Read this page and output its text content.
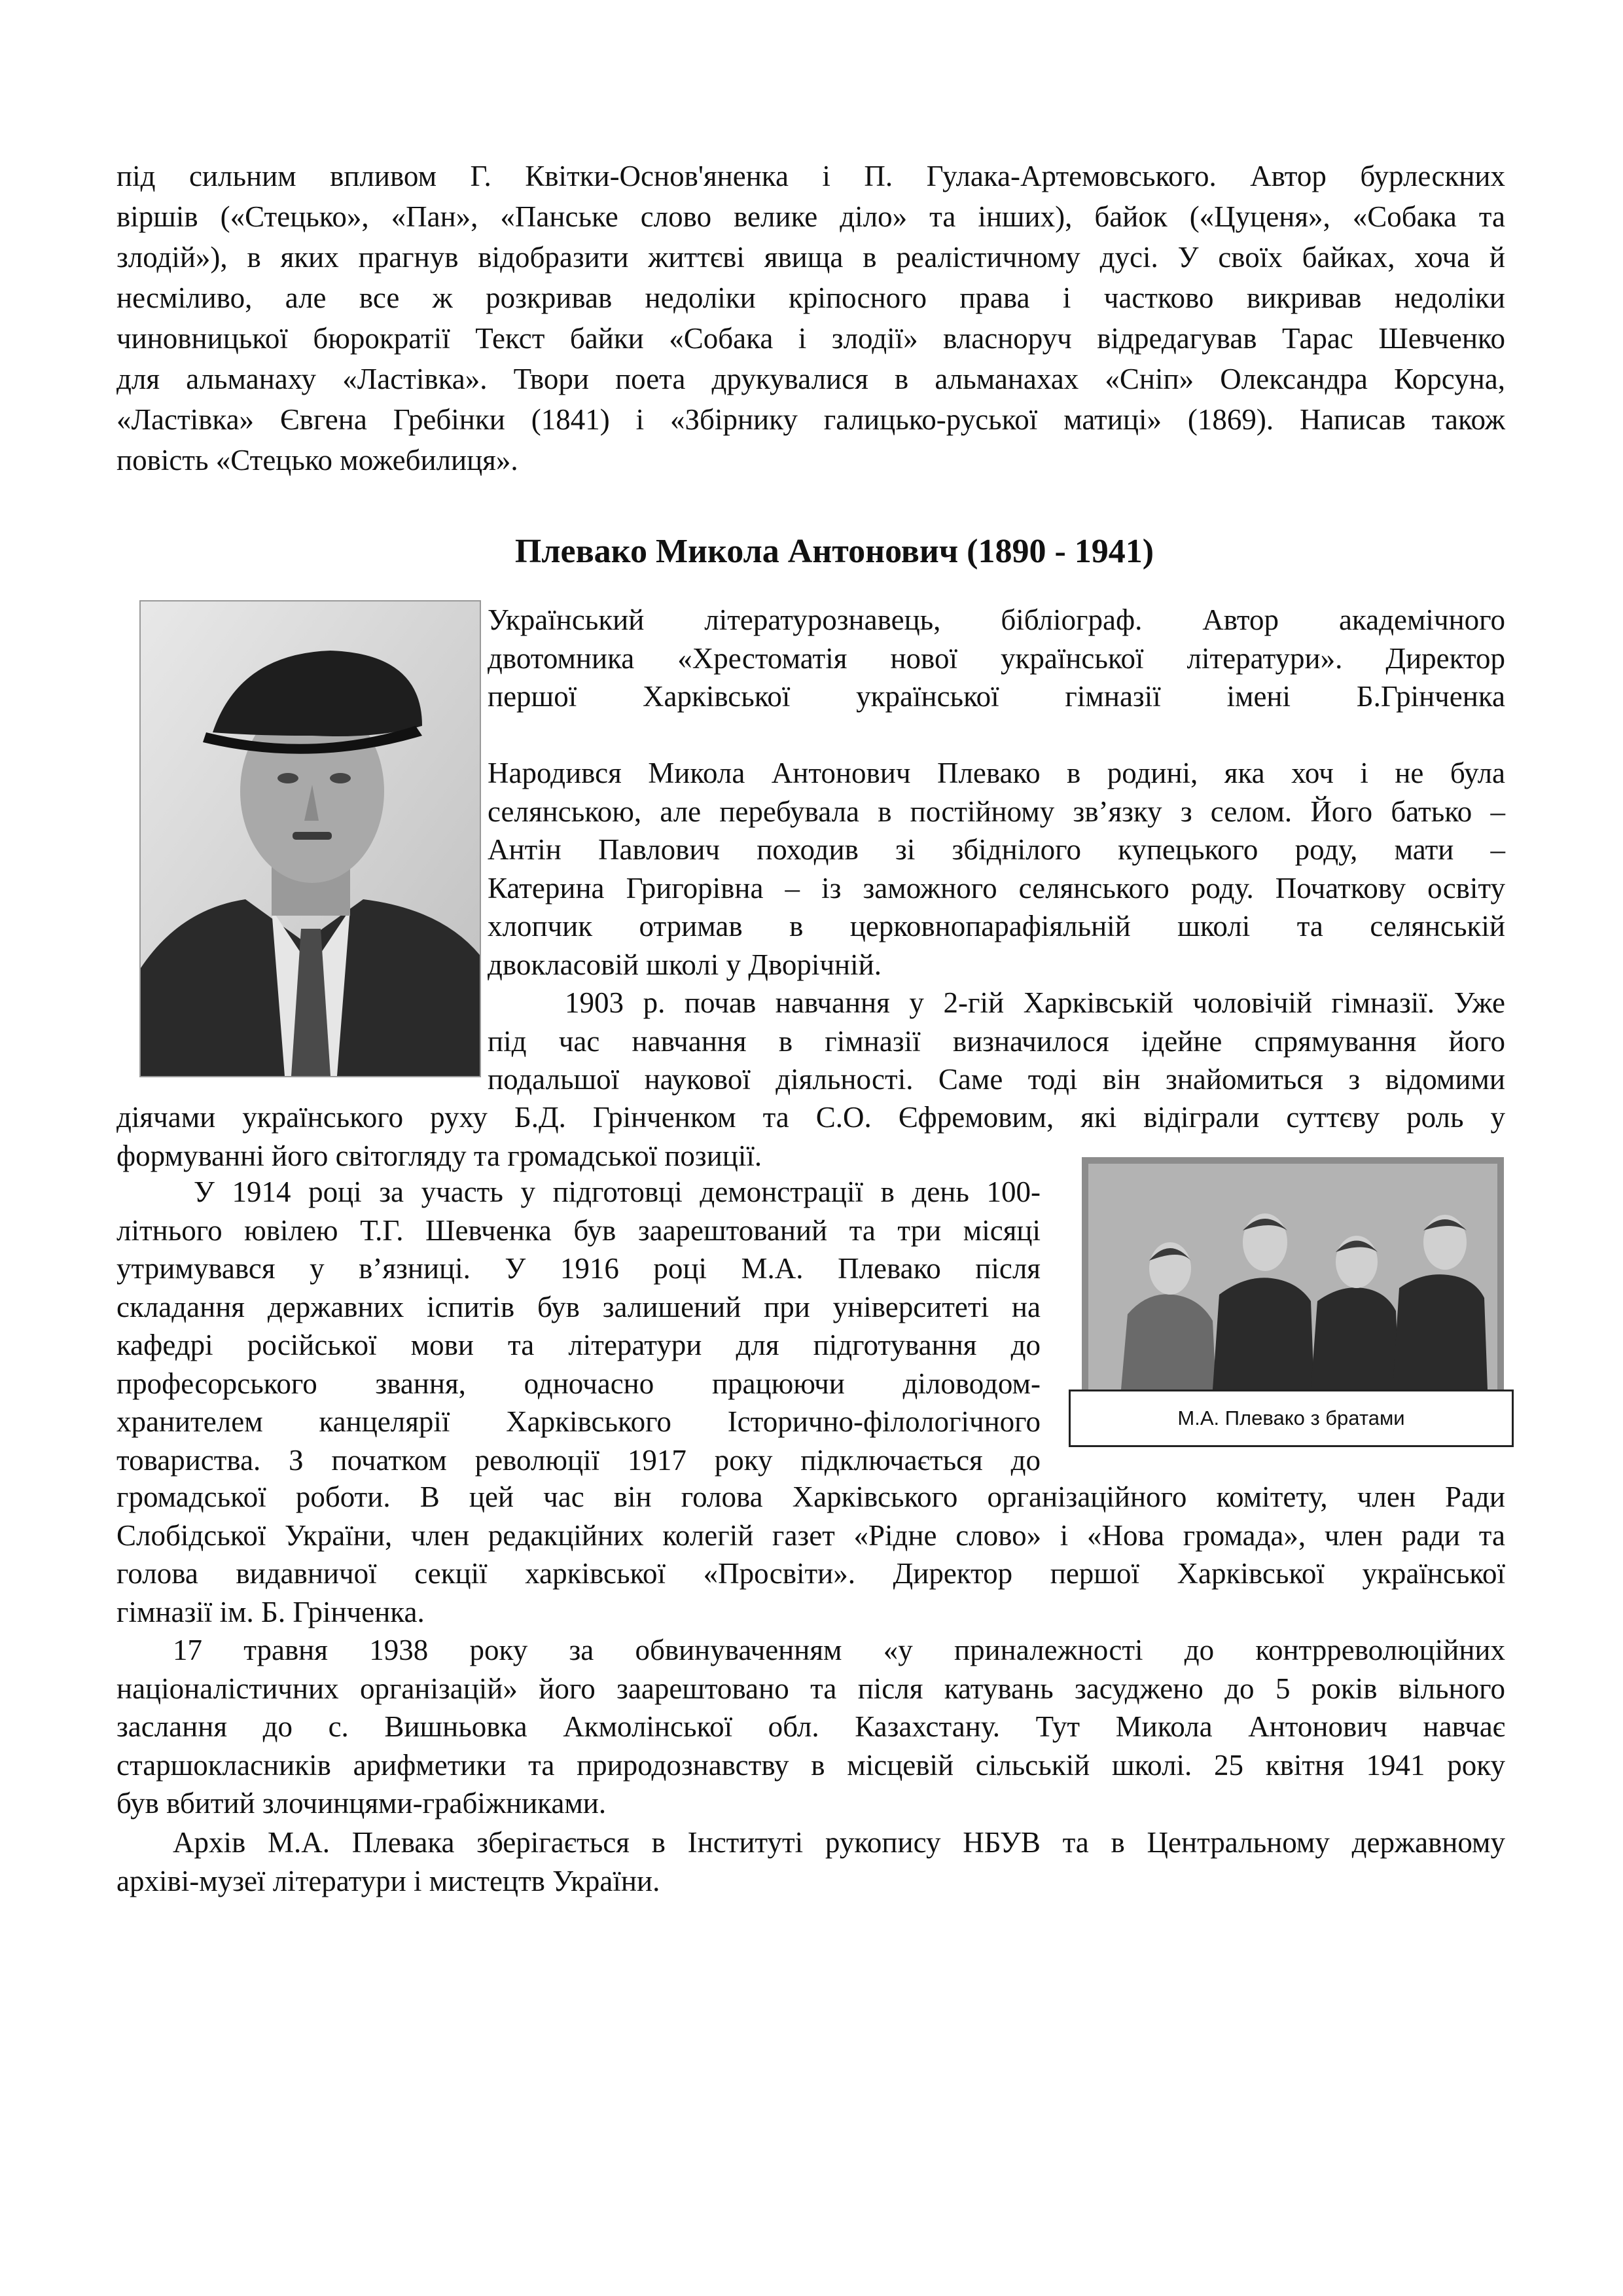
під сильним впливом Г. Квітки-Основ'яненка і П. Гулака-Артемовського. Автор бурлескних
віршів («Стецько», «Пан», «Панське слово велике діло» та інших), байок («Цуценя», «Собака та
злодій»), в яких прагнув відобразити життєві явища в реалістичному дусі. У своїх байках, хоча й
несміливо, але все ж розкривав недоліки кріпосного права і частково викривав недоліки
чиновницької бюрократії Текст байки «Собака і злодії» власноруч відредагував Тарас Шевченко
для альманаху «Ластівка». Твори поета друкувалися в альманахах «Сніп» Олександра Корсуна,
«Ластівка» Євгена Гребінки (1841) і «Збірнику галицько-руської матиці» (1869). Написав також
повість «Стецько можебилиця».
Плевако Микола Антонович (1890 - 1941)
Український літературознавець, бібліограф. Автор академічного
двотомника «Хрестоматія нової української літератури». Директор
першої Харківської української гімназії імені Б.Грінченка
Народився Микола Антонович Плевако в родині, яка хоч і не була
селянською, але перебувала в постійному зв’язку з селом. Його батько –
Антін Павлович походив зі збіднілого купецького роду, мати –
Катерина Григорівна – із заможного селянського роду. Початкову освіту
хлопчик отримав в церковнопарафіяльній школі та селянській
двокласовій школі у Дворічній.
1903 р. почав навчання у 2-гій Харківській чоловічій гімназії. Уже
під час навчання в гімназії визначилося ідейне спрямування його
подальшої наукової діяльності. Саме тоді він знайомиться з відомими
діячами українського руху Б.Д. Грінченком та С.О. Єфремовим, які відіграли суттєву роль у
формуванні його світогляду та громадської позиції.
У 1914 році за участь у підготовці демонстрації в день 100-
літнього ювілею Т.Г. Шевченка був заарештований та три місяці
утримувався у в’язниці. У 1916 році М.А. Плевако після
складання державних іспитів був залишений при університеті на
кафедрі російської мови та літератури для підготування до
професорського звання, одночасно працюючи діловодом-
хранителем канцелярії Харківського Історично-філологічного
товариства. З початком революції 1917 року підключається до
М.А. Плевако з братами
громадської роботи. В цей час він голова Харківського організаційного комітету, член Ради
Слобідської України, член редакційних колегій газет «Рідне слово» і «Нова громада», член ради та
голова видавничої секції харківської «Просвіти». Директор першої Харківської української
гімназії ім. Б. Грінченка.
17 травня 1938 року за обвинуваченням «у приналежності до контрреволюційних
націоналістичних організацій» його заарештовано та після катувань засуджено до 5 років вільного
заслання до с. Вишньовка Акмолінської обл. Казахстану. Тут Микола Антонович навчає
старшокласників арифметики та природознавству в місцевій сільській школі. 25 квітня 1941 року
був вбитий злочинцями-грабіжниками.
Архів М.А. Плевака зберігається в Інституті рукопису НБУВ та в Центральному державному
архіві-музеї літератури і мистецтв України.
